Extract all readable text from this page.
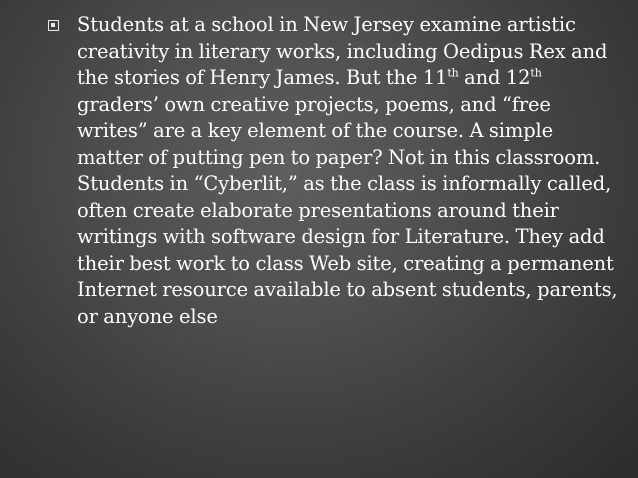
Students at a school in New Jersey examine artistic creativity in literary works, including Oedipus Rex and the stories of Henry James. But the 11th and 12th graders’ own creative projects, poems, and “free writes” are a key element of the course. A simple matter of putting pen to paper? Not in this classroom. Students in “Cyberlit,” as the class is informally called, often create elaborate presentations around their writings with software design for Literature. They add their best work to class Web site, creating a permanent Internet resource available to absent students, parents, or anyone else
